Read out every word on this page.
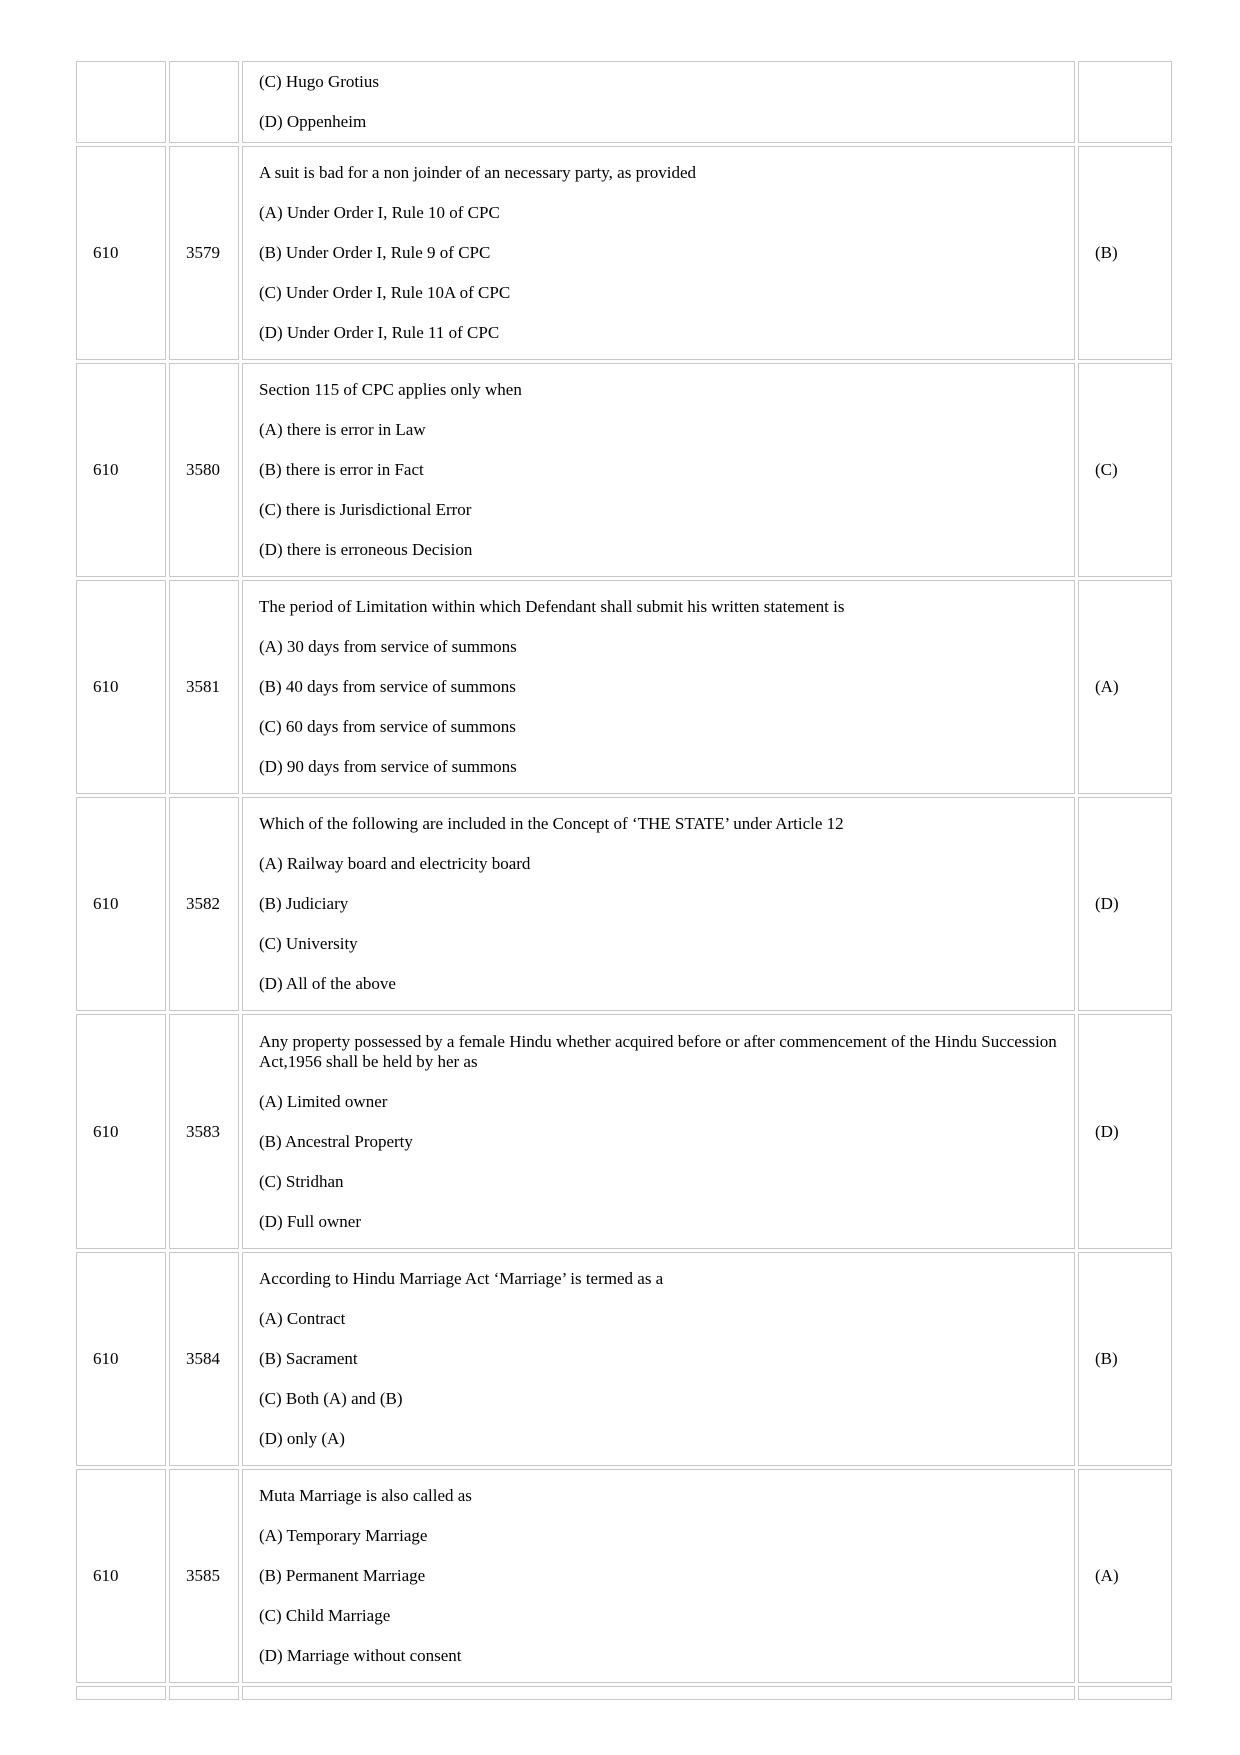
		(C) Hugo Grotius
(D) Oppenheim	

610	3579	A suit is bad for a non joinder of an necessary party, as provided
(A) Under Order I, Rule 10 of CPC
(B) Under Order I, Rule 9 of CPC
(C) Under Order I, Rule 10A of CPC
(D) Under Order I, Rule 11 of CPC	(B)
610	3580	Section 115 of CPC applies only when
(A) there is error in Law
(B) there is error in Fact
(C) there is Jurisdictional Error
(D) there is erroneous Decision	(C)
610	3581	The period of Limitation within which Defendant shall submit his written statement is
(A) 30 days from service of summons
(B) 40 days from service of summons
(C) 60 days from service of summons
(D) 90 days from service of summons	(A)
610	3582	Which of the following are included in the Concept of ‘THE STATE’ under Article 12
(A) Railway board and electricity board
(B) Judiciary
(C) University
(D) All of the above	(D)
610	3583	Any property possessed by a female Hindu whether acquired before or after commencement of the Hindu Succession Act,1956 shall be held by her as
(A) Limited owner
(B) Ancestral Property
(C) Stridhan
(D) Full owner	(D)
610	3584	According to Hindu Marriage Act ‘Marriage’ is termed as a
(A) Contract
(B) Sacrament
(C) Both (A) and (B)
(D) only (A)	(B)
610	3585	Muta Marriage is also called as
(A) Temporary Marriage
(B) Permanent Marriage
(C) Child Marriage
(D) Marriage without consent	(A)
